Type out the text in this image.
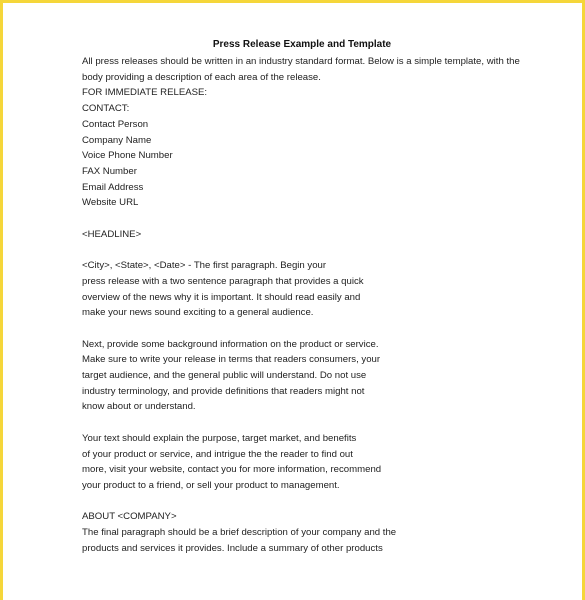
Press Release Example and Template
All press releases should be written in an industry standard format. Below is a simple template, with the
body providing a description of each area of the release.
FOR IMMEDIATE RELEASE:
CONTACT:
Contact Person
Company Name
Voice Phone Number
FAX Number
Email Address
Website URL
<HEADLINE>
<City>, <State>, <Date> - The first paragraph. Begin your
press release with a two sentence paragraph that provides a quick
overview of the news why it is important. It should read easily and
make your news sound exciting to a general audience.
Next, provide some background information on the product or service.
Make sure to write your release in terms that readers consumers, your
target audience, and the general public will understand. Do not use
industry terminology, and provide definitions that readers might not
know about or understand.
Your text should explain the purpose, target market, and benefits
of your product or service, and intrigue the the reader to find out
more, visit your website, contact you for more information, recommend
your product to a friend, or sell your product to management.
ABOUT <COMPANY>
The final paragraph should be a brief description of your company and the
products and services it provides. Include a summary of other products
